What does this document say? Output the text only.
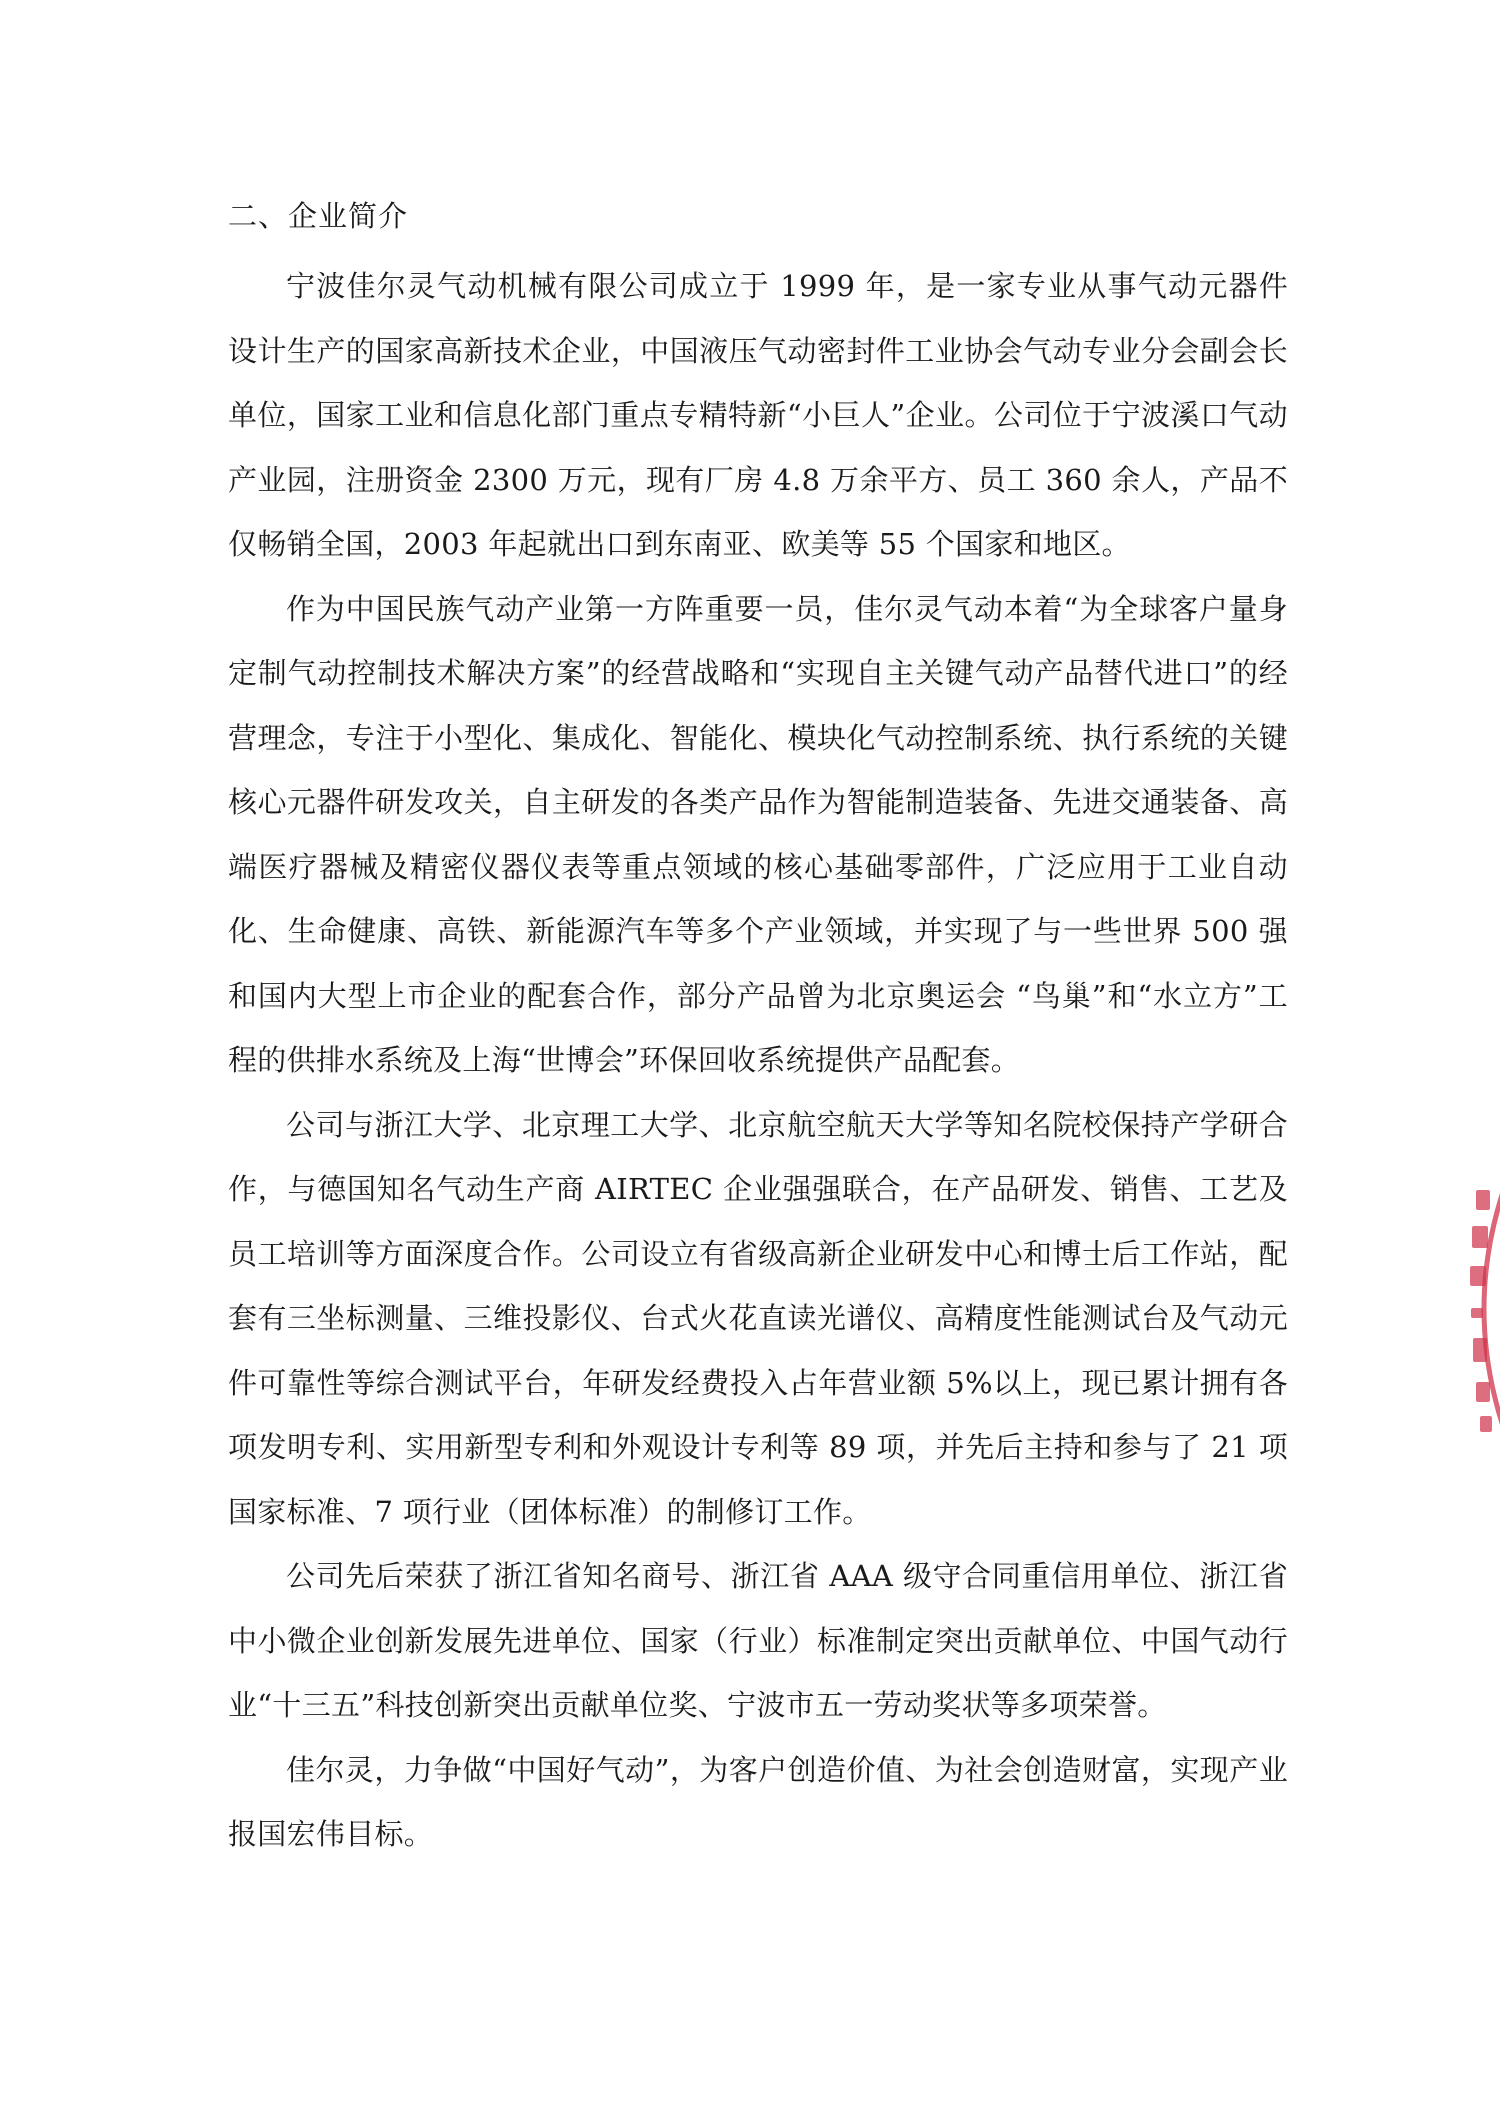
二、企业简介

宁波佳尔灵气动机械有限公司成立于 1999 年，是一家专业从事气动元器件设计生产的国家高新技术企业，中国液压气动密封件工业协会气动专业分会副会长单位，国家工业和信息化部门重点专精特新“小巨人”企业。公司位于宁波溪口气动产业园，注册资金 2300 万元，现有厂房 4.8 万余平方、员工 360 余人，产品不仅畅销全国，2003 年起就出口到东南亚、欧美等 55 个国家和地区。

作为中国民族气动产业第一方阵重要一员，佳尔灵气动本着“为全球客户量身定制气动控制技术解决方案”的经营战略和“实现自主关键气动产品替代进口”的经营理念，专注于小型化、集成化、智能化、模块化气动控制系统、执行系统的关键核心元器件研发攻关，自主研发的各类产品作为智能制造装备、先进交通装备、高端医疗器械及精密仪器仪表等重点领域的核心基础零部件，广泛应用于工业自动化、生命健康、高铁、新能源汽车等多个产业领域，并实现了与一些世界 500 强和国内大型上市企业的配套合作，部分产品曾为北京奥运会 “鸟巢”和“水立方”工程的供排水系统及上海“世博会”环保回收系统提供产品配套。

公司与浙江大学、北京理工大学、北京航空航天大学等知名院校保持产学研合作，与德国知名气动生产商 AIRTEC 企业强强联合，在产品研发、销售、工艺及员工培训等方面深度合作。公司设立有省级高新企业研发中心和博士后工作站，配套有三坐标测量、三维投影仪、台式火花直读光谱仪、高精度性能测试台及气动元件可靠性等综合测试平台，年研发经费投入占年营业额 5%以上，现已累计拥有各项发明专利、实用新型专利和外观设计专利等 89 项，并先后主持和参与了 21 项国家标准、7 项行业（团体标准）的制修订工作。

公司先后荣获了浙江省知名商号、浙江省 AAA 级守合同重信用单位、浙江省中小微企业创新发展先进单位、国家（行业）标准制定突出贡献单位、中国气动行业“十三五”科技创新突出贡献单位奖、宁波市五一劳动奖状等多项荣誉。

佳尔灵，力争做“中国好气动”，为客户创造价值、为社会创造财富，实现产业报国宏伟目标。
